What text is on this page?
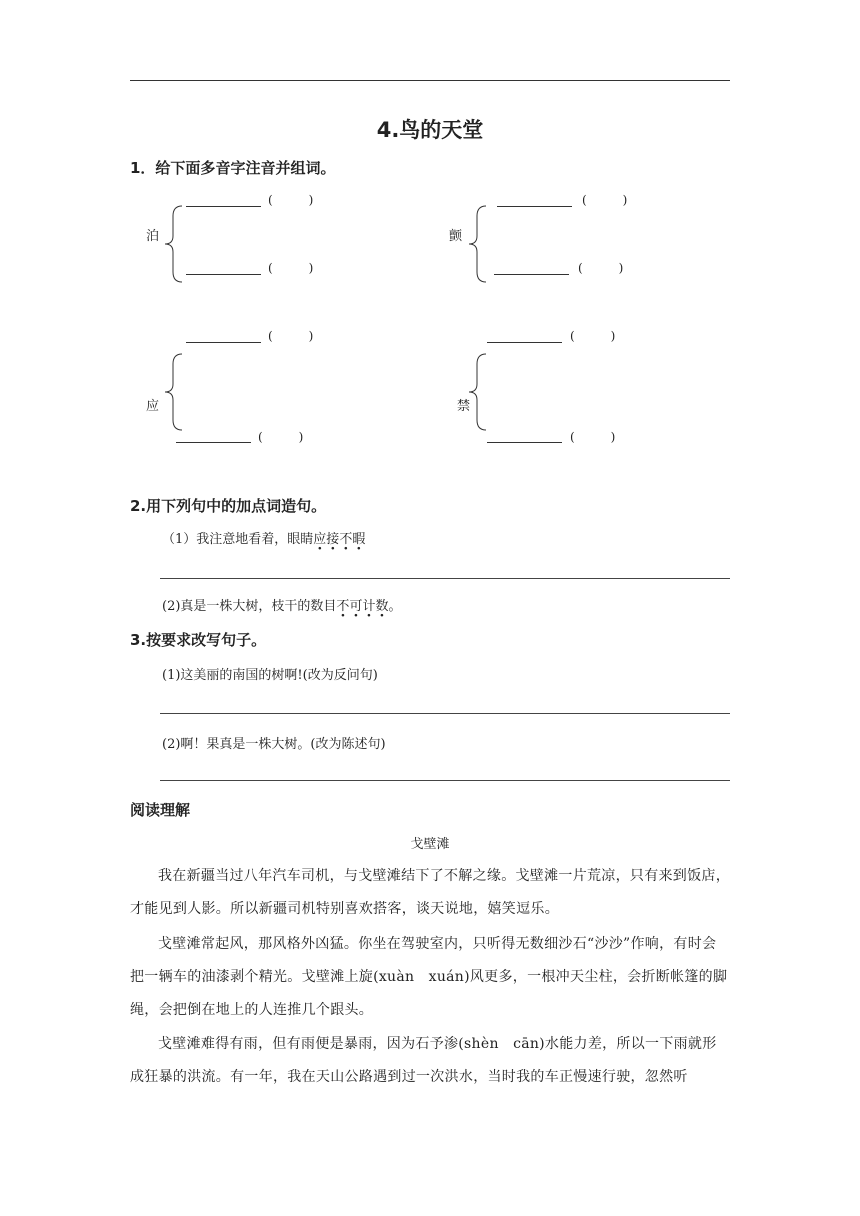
4.鸟的天堂
1．给下面多音字注音并组词。
泊
(　　　)
(　　　)
颤
(　　　)
(　　　)
应
(　　　)
(　　　)
禁
(　　　)
(　　　)
2.用下列句中的加点词造句。
（1）我注意地看着，眼睛应接不暇
(2)真是一株大树，枝干的数目不可计数。
3.按要求改写句子。
(1)这美丽的南国的树啊!(改为反问句)
(2)啊！果真是一株大树。(改为陈述句)
阅读理解
戈壁滩
我在新疆当过八年汽车司机，与戈壁滩结下了不解之缘。戈壁滩一片荒凉，只有来到饭店，才能见到人影。所以新疆司机特别喜欢搭客，谈天说地，嬉笑逗乐。
戈壁滩常起风，那风格外凶猛。你坐在驾驶室内，只听得无数细沙石“沙沙”作响，有时会把一辆车的油漆剥个精光。戈壁滩上旋(xuàn　xuán)风更多，一根冲天尘柱，会折断帐篷的脚绳，会把倒在地上的人连推几个跟头。
戈壁滩难得有雨，但有雨便是暴雨，因为石予渗(shèn　cān)水能力差，所以一下雨就形成狂暴的洪流。有一年，我在天山公路遇到过一次洪水，当时我的车正慢速行驶，忽然听
